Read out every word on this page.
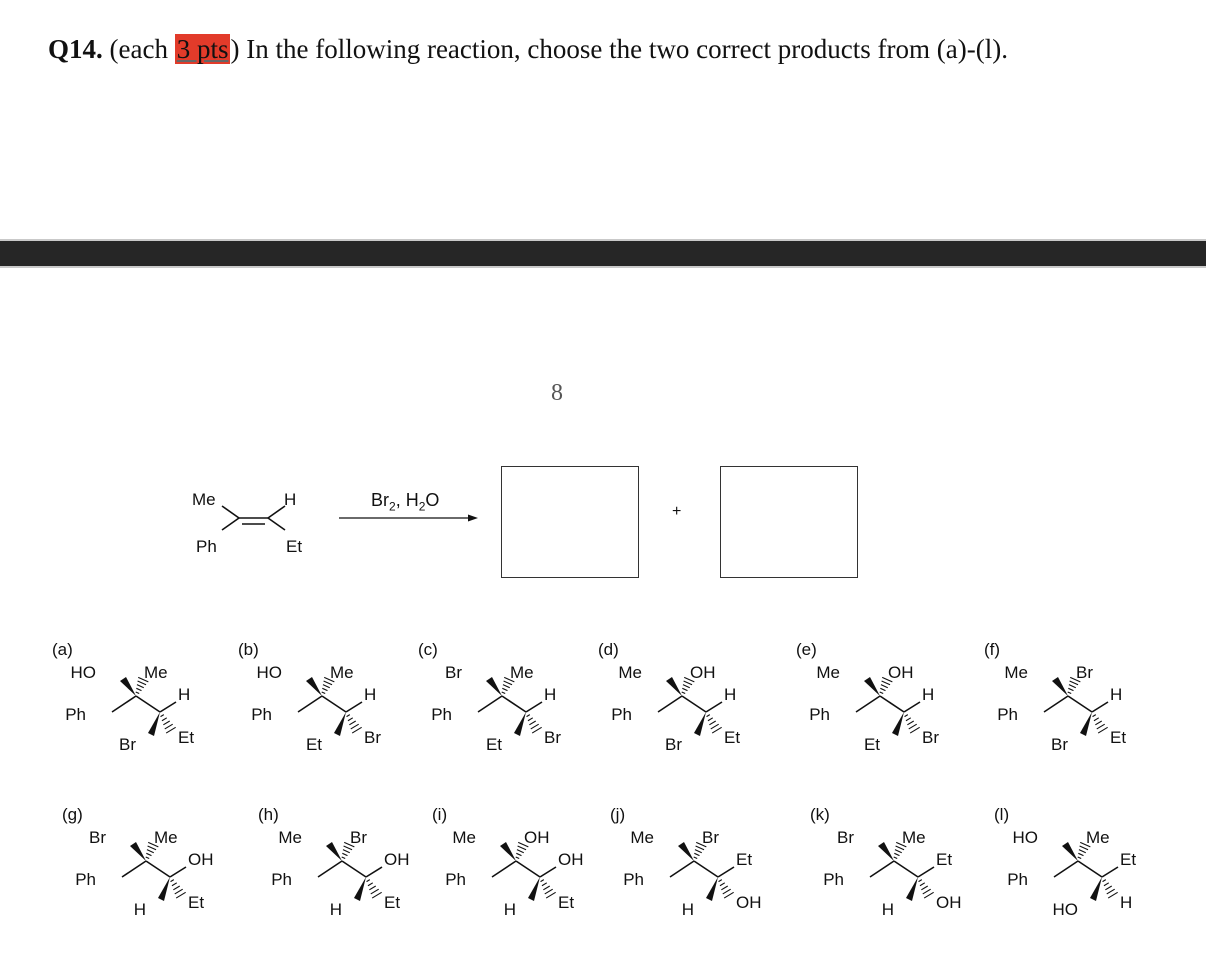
Q14. (each 3 pts) In the following reaction, choose the two correct products from (a)-(l).
8
Me	H
Ph	Et
$Br_2$, $H_2O$
+
HO	Me
Ph
H
Br Et
(a)
HO	Me
Ph
H
Et Br
(b)
Br	Me
Ph
H
Et Br
(c)
Me	OH
Ph
H
Br Et
(d)
Me	OH
Ph
H
Et Br
(e)
Me	Br
Ph
H
Br Et
(f)
Br	Me
Ph
OH
H Et
(g)
Me	Br
Ph
OH
H Et
(h)
Me	OH
Ph
OH
H Et
(i)
Me	Br
Ph
Et
H OH
(j)
Br	Me
Ph
Et
H OH
(k)
HO	Me
Ph
Et
HO H
(l)
